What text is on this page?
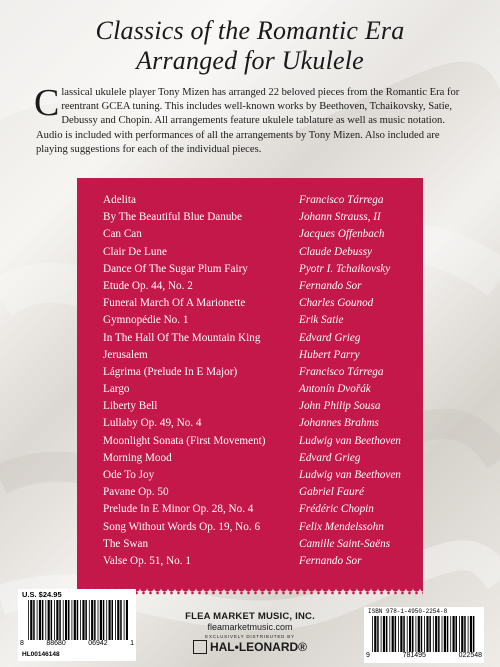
Classics of the Romantic Era
Arranged for Ukulele
Classical ukulele player Tony Mizen has arranged 22 beloved pieces from the Romantic Era for reentrant GCEA tuning. This includes well-known works by Beethoven, Tchaikovsky, Satie, Debussy and Chopin. All arrangements feature ukulele tablature as well as music notation. Audio is included with performances of all the arrangements by Tony Mizen. Also included are playing suggestions for each of the individual pieces.
Adelita	Francisco Tárrega
By The Beautiful Blue Danube	Johann Strauss, II
Can Can	Jacques Offenbach
Clair De Lune	Claude Debussy
Dance Of The Sugar Plum Fairy	Pyotr I. Tchaikovsky
Etude Op. 44, No. 2	Fernando Sor
Funeral March Of A Marionette	Charles Gounod
Gymnopédie No. 1	Erik Satie
In The Hall Of The Mountain King	Edvard Grieg
Jerusalem	Hubert Parry
Lágrima (Prelude In E Major)	Francisco Tárrega
Largo	Antonín Dvořák
Liberty Bell	John Philip Sousa
Lullaby Op. 49, No. 4	Johannes Brahms
Moonlight Sonata (First Movement)	Ludwig van Beethoven
Morning Mood	Edvard Grieg
Ode To Joy	Ludwig van Beethoven
Pavane Op. 50	Gabriel Fauré
Prelude In E Minor Op. 28, No. 4	Frédéric Chopin
Song Without Words Op. 19, No. 6	Felix Mendelssohn
The Swan	Camille Saint-Saëns
Valse Op. 51, No. 1	Fernando Sor
U.S. $24.95
8	88680	06942	1
HL00146148
FLEA MARKET MUSIC, INC.
fleamarketmusic.com
EXCLUSIVELY DISTRIBUTED BY
HAL•LEONARD®
ISBN 978-1-4950-2254-8
9	781495	022548
